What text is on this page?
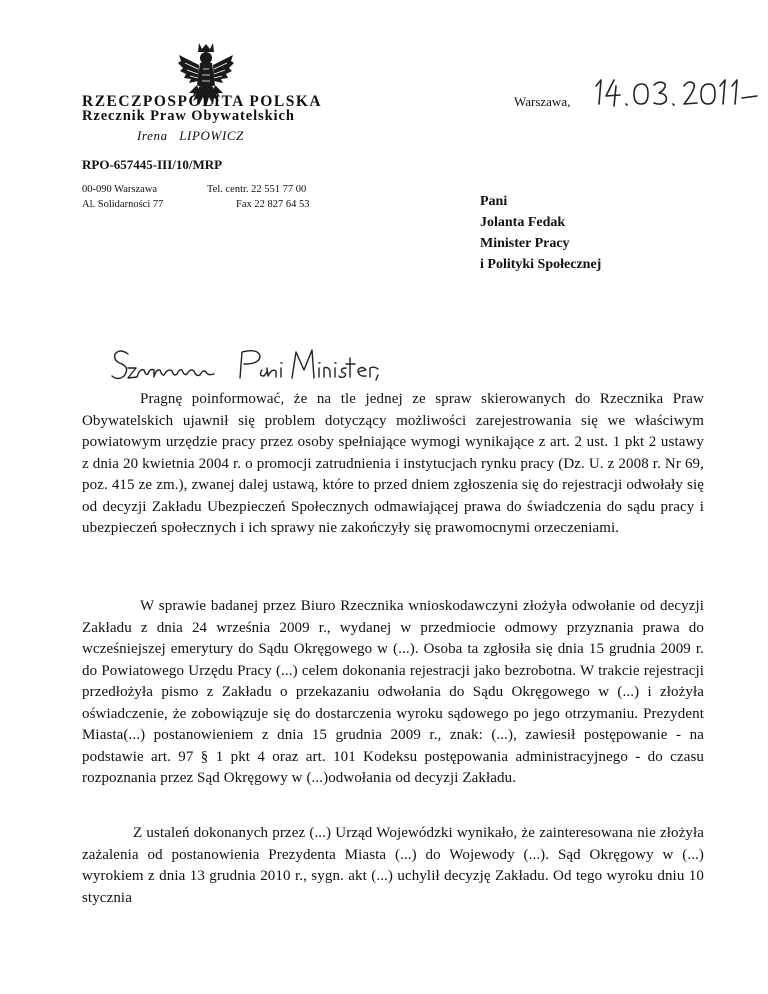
RZECZPOSPOLITA POLSKA
Rzecznik Praw Obywatelskich
Irena   LIPOWICZ
RPO-657445-III/10/MRP
00-090 Warszawa
Al. Solidarności 77
Tel. centr. 22 551 77 00
Fax 22 827 64 53
Warszawa,
Pani
Jolanta Fedak
Minister Pracy
i Polityki Społecznej
Pragnę poinformować, że na tle jednej ze spraw skierowanych do Rzecznika Praw Obywatelskich ujawnił się problem dotyczący możliwości zarejestrowania się we właściwym powiatowym urzędzie pracy przez osoby spełniające wymogi wynikające z art. 2 ust. 1 pkt 2 ustawy z dnia 20 kwietnia 2004 r. o promocji zatrudnienia i instytucjach rynku pracy (Dz. U. z 2008 r. Nr 69, poz. 415 ze zm.), zwanej dalej ustawą, które to przed dniem zgłoszenia się do rejestracji odwołały się od decyzji Zakładu Ubezpieczeń Społecznych odmawiającej prawa do świadczenia do sądu pracy i ubezpieczeń społecznych i ich sprawy nie zakończyły się prawomocnymi orzeczeniami.
W sprawie badanej przez Biuro Rzecznika wnioskodawczyni złożyła odwołanie od decyzji Zakładu z dnia 24 września 2009 r., wydanej w przedmiocie odmowy przyznania prawa do wcześniejszej emerytury do Sądu Okręgowego w (...). Osoba ta zgłosiła się dnia 15 grudnia 2009 r. do Powiatowego Urzędu Pracy (...) celem dokonania rejestracji jako bezrobotna. W trakcie rejestracji przedłożyła pismo z Zakładu o przekazaniu odwołania do Sądu Okręgowego w (...) i złożyła oświadczenie, że zobowiązuje się do dostarczenia wyroku sądowego po jego otrzymaniu. Prezydent Miasta(...) postanowieniem z dnia 15 grudnia 2009 r., znak: (...), zawiesił postępowanie - na podstawie art. 97 § 1 pkt 4 oraz art. 101 Kodeksu postępowania administracyjnego - do czasu rozpoznania przez Sąd Okręgowy w (...)odwołania od decyzji Zakładu.
Z ustaleń dokonanych przez (...) Urząd Wojewódzki wynikało, że zainteresowana nie złożyła zażalenia od postanowienia Prezydenta Miasta (...) do Wojewody (...). Sąd Okręgowy w (...) wyrokiem z dnia 13 grudnia 2010 r., sygn. akt (...) uchylił decyzję Zakładu. Od tego wyroku dniu 10 stycznia
